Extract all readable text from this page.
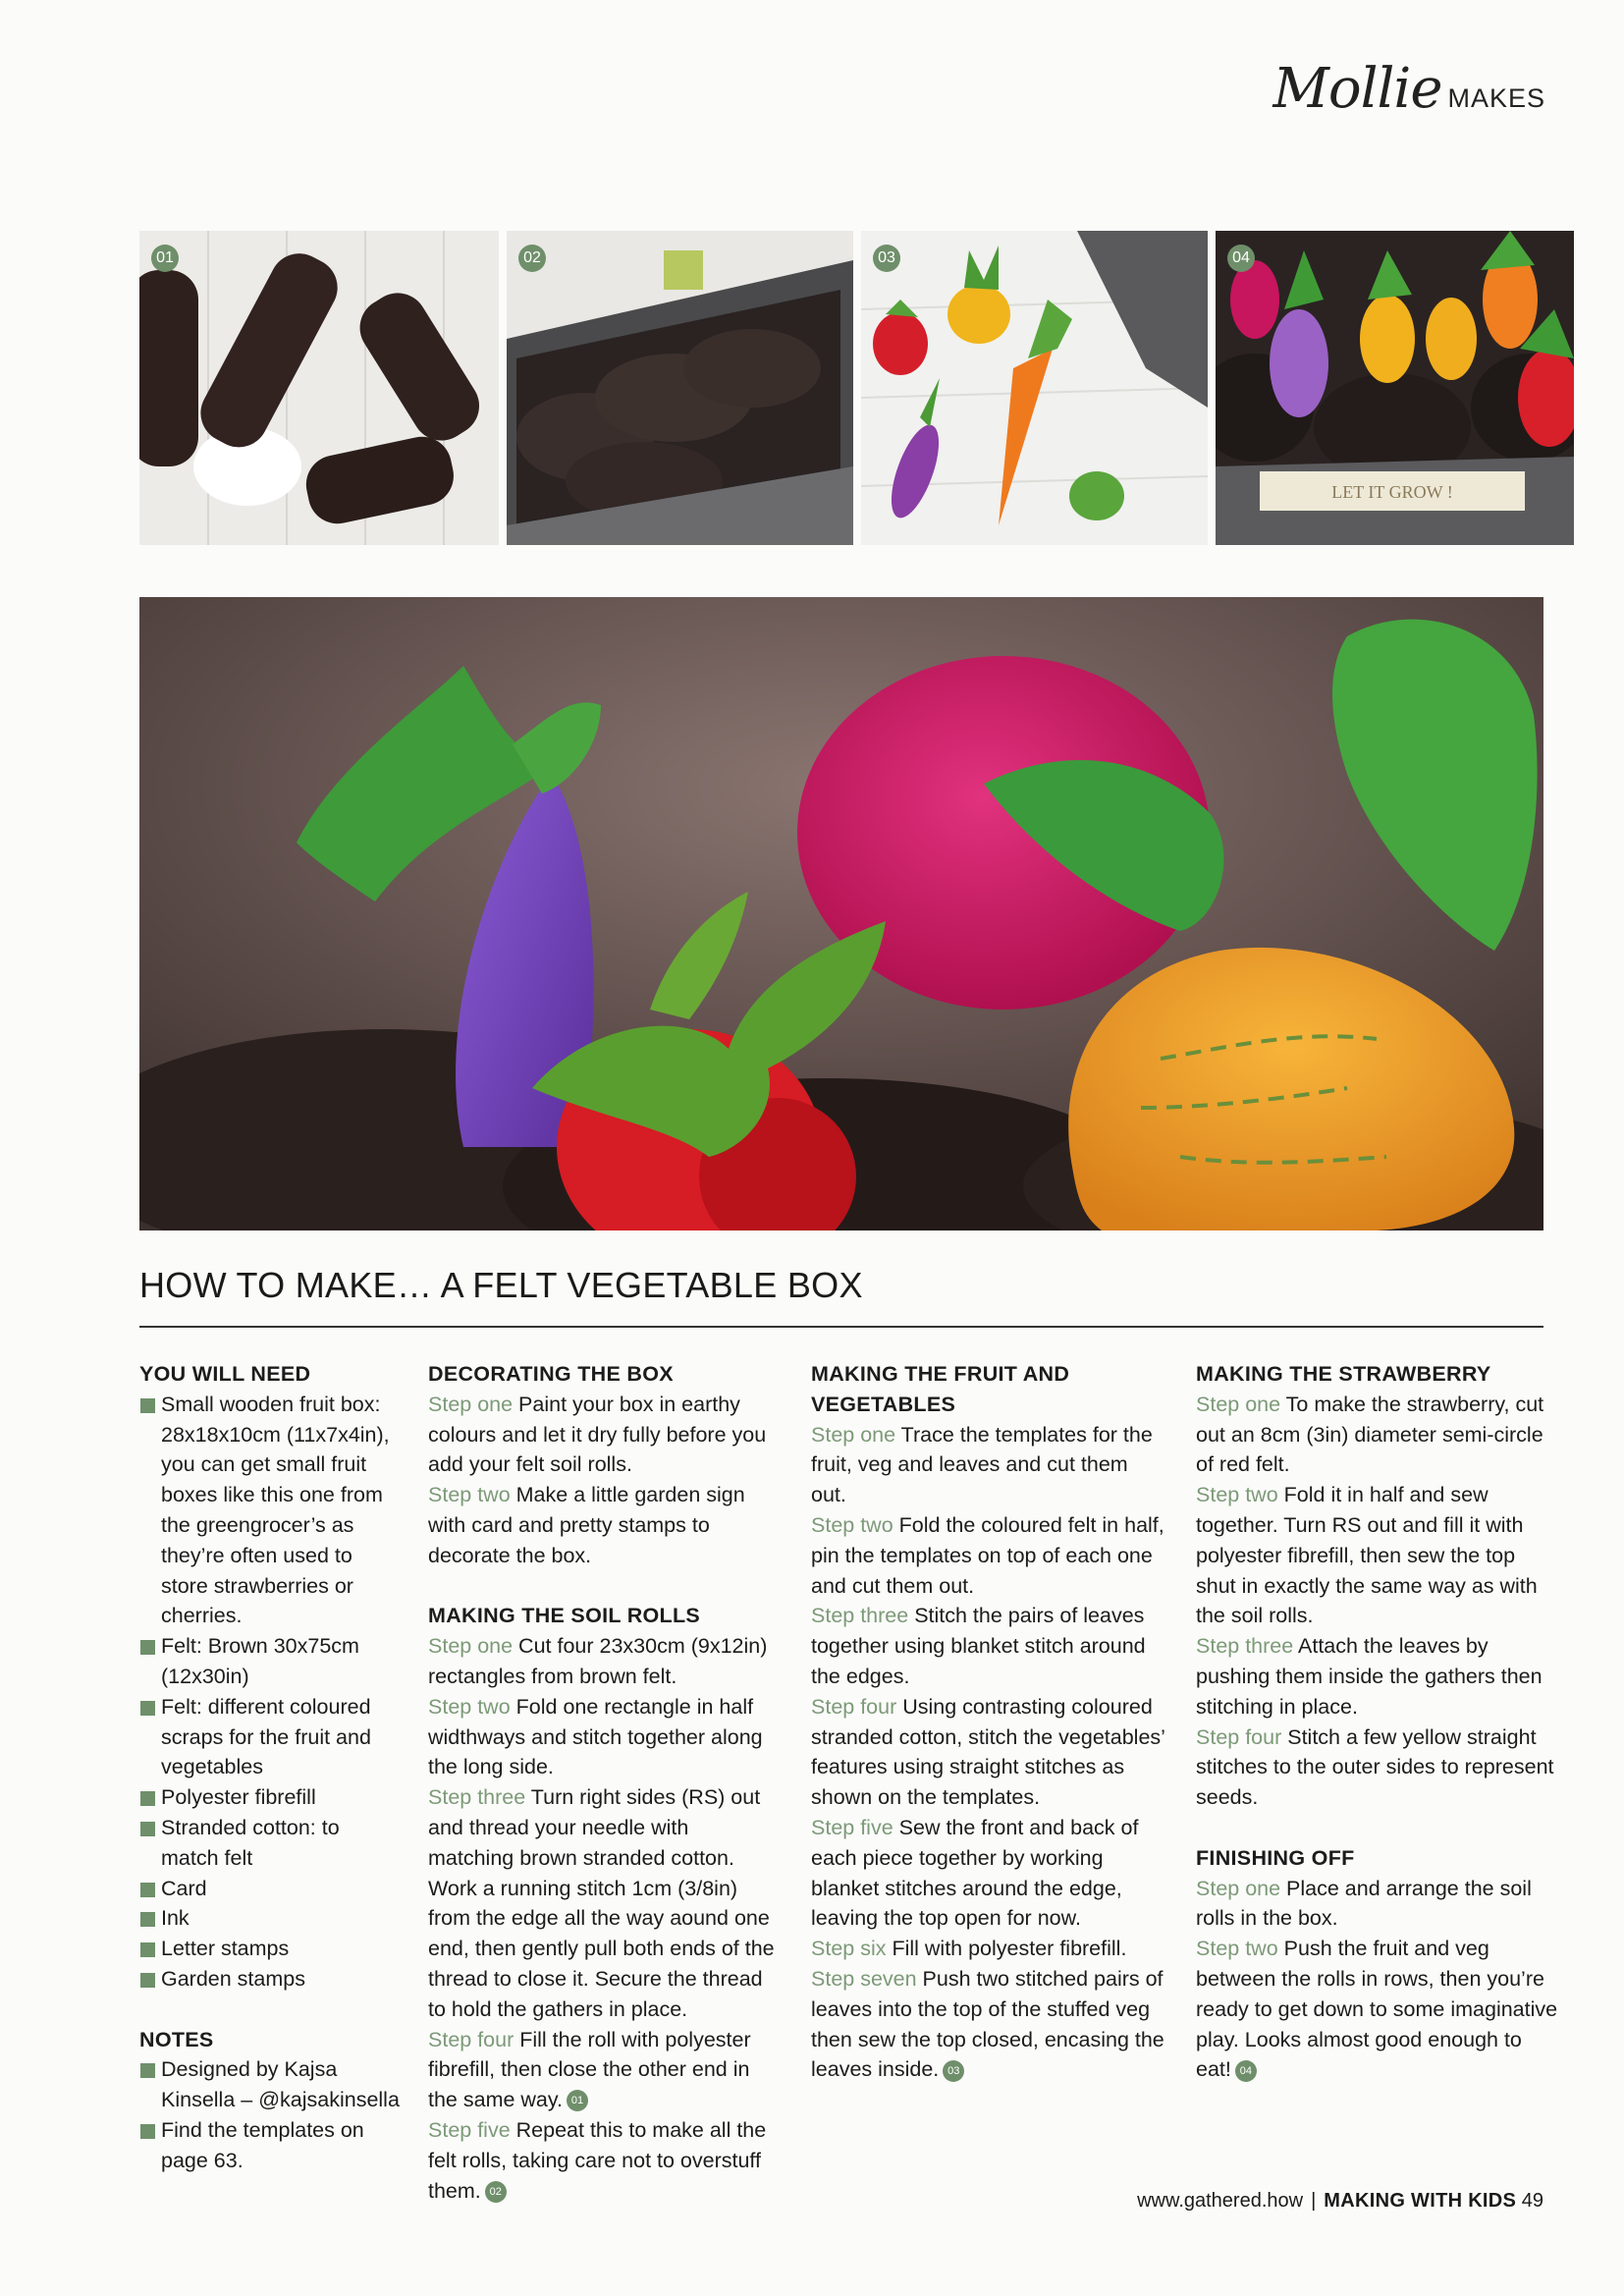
Mollie MAKES
01	02	03
LET IT GROW !
04
HOW TO MAKE… A FELT VEGETABLE BOX
YOU WILL NEED
Small wooden fruit box: 28x18x10cm (11x7x4in), you can get small fruit boxes like this one from the greengrocer’s as they’re often used to store strawberries or cherries.
Felt: Brown 30x75cm (12x30in)
Felt: different coloured scraps for the fruit and vegetables
Polyester fibrefill
Stranded cotton: to match felt
Card
Ink
Letter stamps
Garden stamps
NOTES
Designed by Kajsa Kinsella – @kajsakinsella
Find the templates on page 63.
DECORATING THE BOX

Step one Paint your box in earthy colours and let it dry fully before you add your felt soil rolls.

Step two Make a little garden sign with card and pretty stamps to decorate the box.

MAKING THE SOIL ROLLS

Step one Cut four 23x30cm (9x12in) rectangles from brown felt.

Step two Fold one rectangle in half widthways and stitch together along the long side.

Step three Turn right sides (RS) out and thread your needle with matching brown stranded cotton. Work a running stitch 1cm (3/8in) from the edge all the way aound one end, then gently pull both ends of the thread to close it. Secure the thread to hold the gathers in place.

Step four Fill the roll with polyester fibrefill, then close the other end in the same way. 01

Step five Repeat this to make all the felt rolls, taking care not to overstuff them. 02

MAKING THE FRUIT AND VEGETABLES

Step one Trace the templates for the fruit, veg and leaves and cut them out.

Step two Fold the coloured felt in half, pin the templates on top of each one and cut them out.

Step three Stitch the pairs of leaves together using blanket stitch around the edges.

Step four Using contrasting coloured stranded cotton, stitch the vegetables’ features using straight stitches as shown on the templates.

Step five Sew the front and back of each piece together by working blanket stitches around the edge, leaving the top open for now.

Step six Fill with polyester fibrefill.

Step seven Push two stitched pairs of leaves into the top of the stuffed veg then sew the top closed, encasing the leaves inside. 03

MAKING THE STRAWBERRY

Step one To make the strawberry, cut out an 8cm (3in) diameter semi-circle of red felt.

Step two Fold it in half and sew together. Turn RS out and fill it with polyester fibrefill, then sew the top shut in exactly the same way as with the soil rolls.

Step three Attach the leaves by pushing them inside the gathers then stitching in place.

Step four Stitch a few yellow straight stitches to the outer sides to represent seeds.

FINISHING OFF

Step one Place and arrange the soil rolls in the box.

Step two Push the fruit and veg between the rolls in rows, then you’re ready to get down to some imaginative play. Looks almost good enough to eat! 04

www.gathered.how | MAKING WITH KIDS 49
